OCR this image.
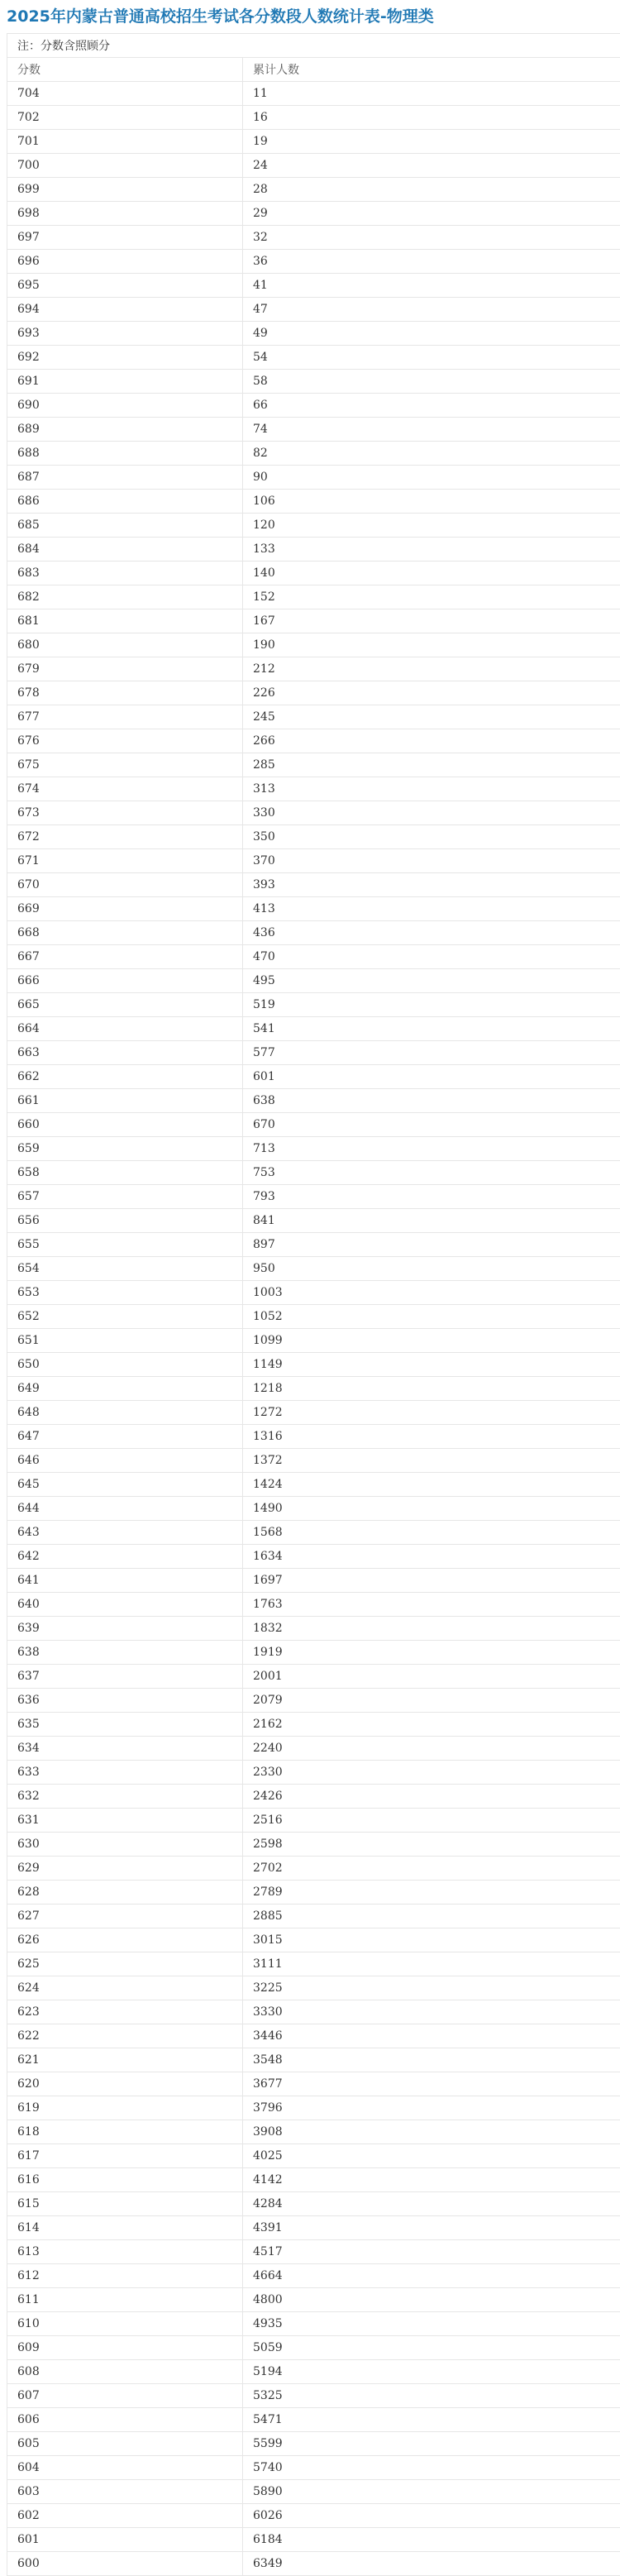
2025年内蒙古普通高校招生考试各分数段人数统计表-物理类
注：分数含照顾分	
分数	累计人数
704	11
702	16
701	19
700	24
699	28
698	29
697	32
696	36
695	41
694	47
693	49
692	54
691	58
690	66
689	74
688	82
687	90
686	106
685	120
684	133
683	140
682	152
681	167
680	190
679	212
678	226
677	245
676	266
675	285
674	313
673	330
672	350
671	370
670	393
669	413
668	436
667	470
666	495
665	519
664	541
663	577
662	601
661	638
660	670
659	713
658	753
657	793
656	841
655	897
654	950
653	1003
652	1052
651	1099
650	1149
649	1218
648	1272
647	1316
646	1372
645	1424
644	1490
643	1568
642	1634
641	1697
640	1763
639	1832
638	1919
637	2001
636	2079
635	2162
634	2240
633	2330
632	2426
631	2516
630	2598
629	2702
628	2789
627	2885
626	3015
625	3111
624	3225
623	3330
622	3446
621	3548
620	3677
619	3796
618	3908
617	4025
616	4142
615	4284
614	4391
613	4517
612	4664
611	4800
610	4935
609	5059
608	5194
607	5325
606	5471
605	5599
604	5740
603	5890
602	6026
601	6184
600	6349
